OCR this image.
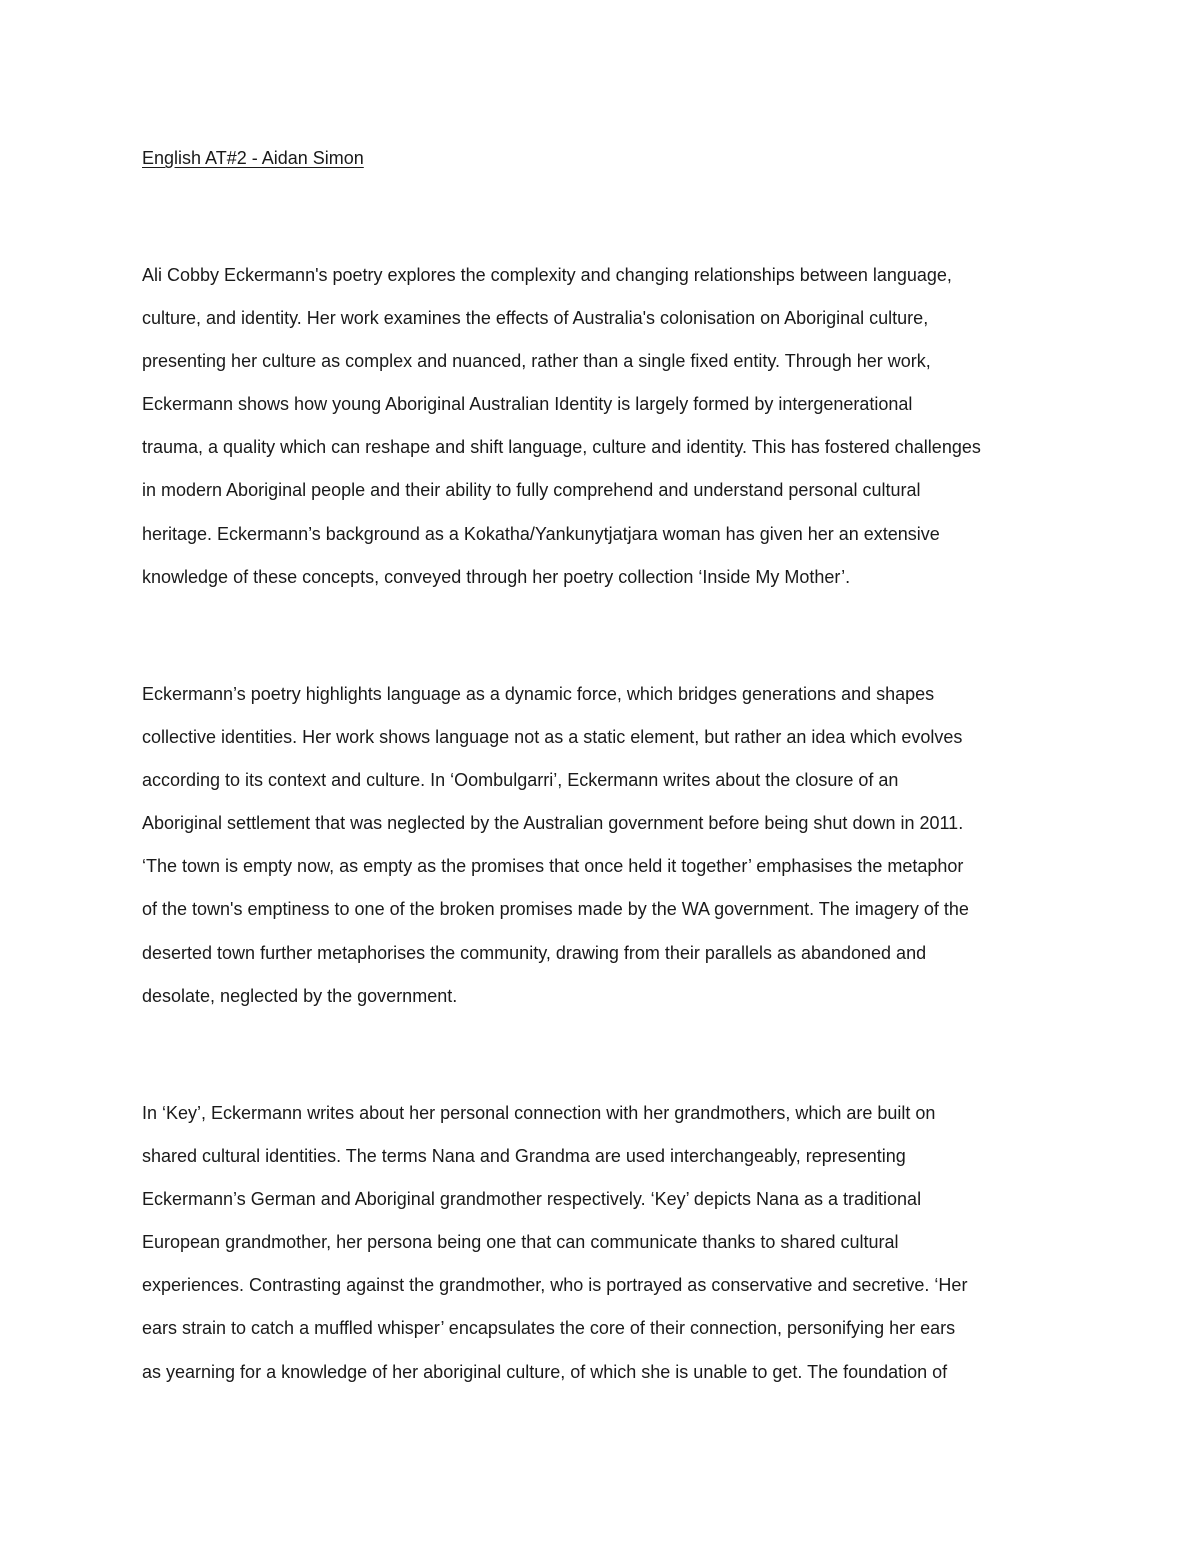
English AT#2 - Aidan Simon

Ali Cobby Eckermann's poetry explores the complexity and changing relationships between language,
culture, and identity. Her work examines the effects of Australia's colonisation on Aboriginal culture,
presenting her culture as complex and nuanced, rather than a single fixed entity. Through her work,
Eckermann shows how young Aboriginal Australian Identity is largely formed by intergenerational
trauma, a quality which can reshape and shift language, culture and identity. This has fostered challenges
in modern Aboriginal people and their ability to fully comprehend and understand personal cultural
heritage. Eckermann’s background as a Kokatha/Yankunytjatjara woman has given her an extensive
knowledge of these concepts, conveyed through her poetry collection ‘Inside My Mother’.

Eckermann’s poetry highlights language as a dynamic force, which bridges generations and shapes
collective identities. Her work shows language not as a static element, but rather an idea which evolves
according to its context and culture. In ‘Oombulgarri’, Eckermann writes about the closure of an
Aboriginal settlement that was neglected by the Australian government before being shut down in 2011.
‘The town is empty now, as empty as the promises that once held it together’ emphasises the metaphor
of the town's emptiness to one of the broken promises made by the WA government. The imagery of the
deserted town further metaphorises the community, drawing from their parallels as abandoned and
desolate, neglected by the government.

In ‘Key’, Eckermann writes about her personal connection with her grandmothers, which are built on
shared cultural identities. The terms Nana and Grandma are used interchangeably, representing
Eckermann’s German and Aboriginal grandmother respectively. ‘Key’ depicts Nana as a traditional
European grandmother, her persona being one that can communicate thanks to shared cultural
experiences. Contrasting against the grandmother, who is portrayed as conservative and secretive. ‘Her
ears strain to catch a muffled whisper’ encapsulates the core of their connection, personifying her ears
as yearning for a knowledge of her aboriginal culture, of which she is unable to get. The foundation of
